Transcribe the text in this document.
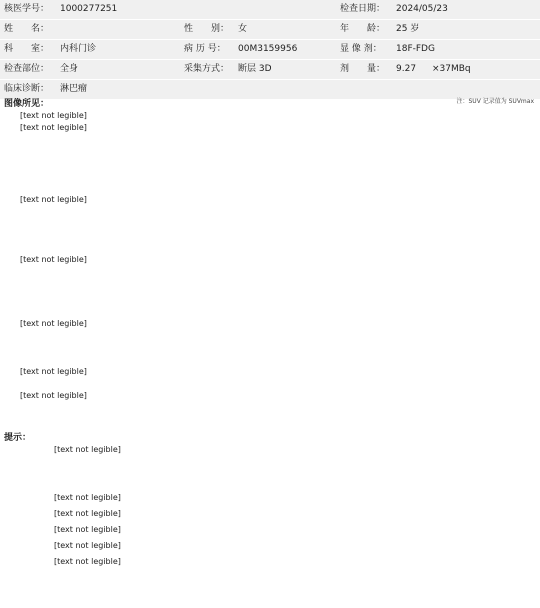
核医学号： 1000277251	检查日期： 2024/05/23
姓　　名：	性　　别： 女	年　　龄： 25 岁
科　　室： 内科门诊	病 历 号： 00M3159956	显 像 剂： 18F-FDG
检查部位： 全身	采集方式： 断层 3D	剂　　量： 9.27 ×37MBq
临床诊断： 淋巴瘤
图像所见：	注：SUV 记录值为 SUVmax
[text not legible]
[text not legible]
[text not legible]
[text not legible]
[text not legible]
[text not legible]
[text not legible]
提示：

[text not legible]

[text not legible]

[text not legible]

[text not legible]

[text not legible]

[text not legible]
